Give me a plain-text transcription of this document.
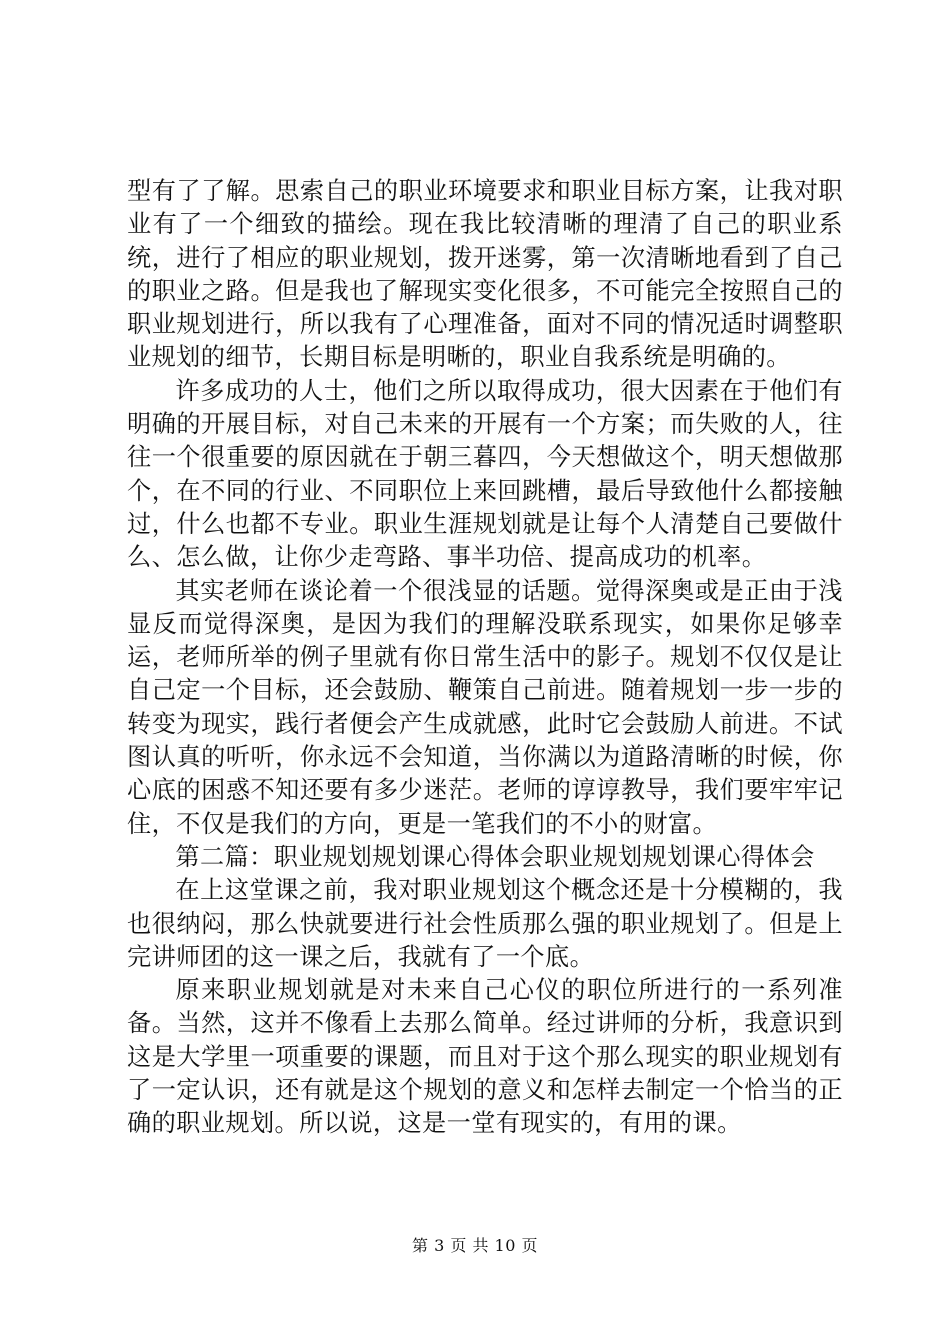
型有了了解。思索自己的职业环境要求和职业目标方案，让我对职业有了一个细致的描绘。现在我比较清晰的理清了自己的职业系统，进行了相应的职业规划，拨开迷雾，第一次清晰地看到了自己的职业之路。但是我也了解现实变化很多，不可能完全按照自己的职业规划进行，所以我有了心理准备，面对不同的情况适时调整职业规划的细节，长期目标是明晰的，职业自我系统是明确的。

许多成功的人士，他们之所以取得成功，很大因素在于他们有明确的开展目标，对自己未来的开展有一个方案；而失败的人，往往一个很重要的原因就在于朝三暮四，今天想做这个，明天想做那个，在不同的行业、不同职位上来回跳槽，最后导致他什么都接触过，什么也都不专业。职业生涯规划就是让每个人清楚自己要做什么、怎么做，让你少走弯路、事半功倍、提高成功的机率。

其实老师在谈论着一个很浅显的话题。觉得深奥或是正由于浅显反而觉得深奥，是因为我们的理解没联系现实，如果你足够幸运，老师所举的例子里就有你日常生活中的影子。规划不仅仅是让自己定一个目标，还会鼓励、鞭策自己前进。随着规划一步一步的转变为现实，践行者便会产生成就感，此时它会鼓励人前进。不试图认真的听听，你永远不会知道，当你满以为道路清晰的时候，你心底的困惑不知还要有多少迷茫。老师的谆谆教导，我们要牢牢记住，不仅是我们的方向，更是一笔我们的不小的财富。

第二篇：职业规划规划课心得体会职业规划规划课心得体会

在上这堂课之前，我对职业规划这个概念还是十分模糊的，我也很纳闷，那么快就要进行社会性质那么强的职业规划了。但是上完讲师团的这一课之后，我就有了一个底。

原来职业规划就是对未来自己心仪的职位所进行的一系列准备。当然，这并不像看上去那么简单。经过讲师的分析，我意识到这是大学里一项重要的课题，而且对于这个那么现实的职业规划有了一定认识，还有就是这个规划的意义和怎样去制定一个恰当的正确的职业规划。所以说，这是一堂有现实的，有用的课。

第 3 页 共 10 页
